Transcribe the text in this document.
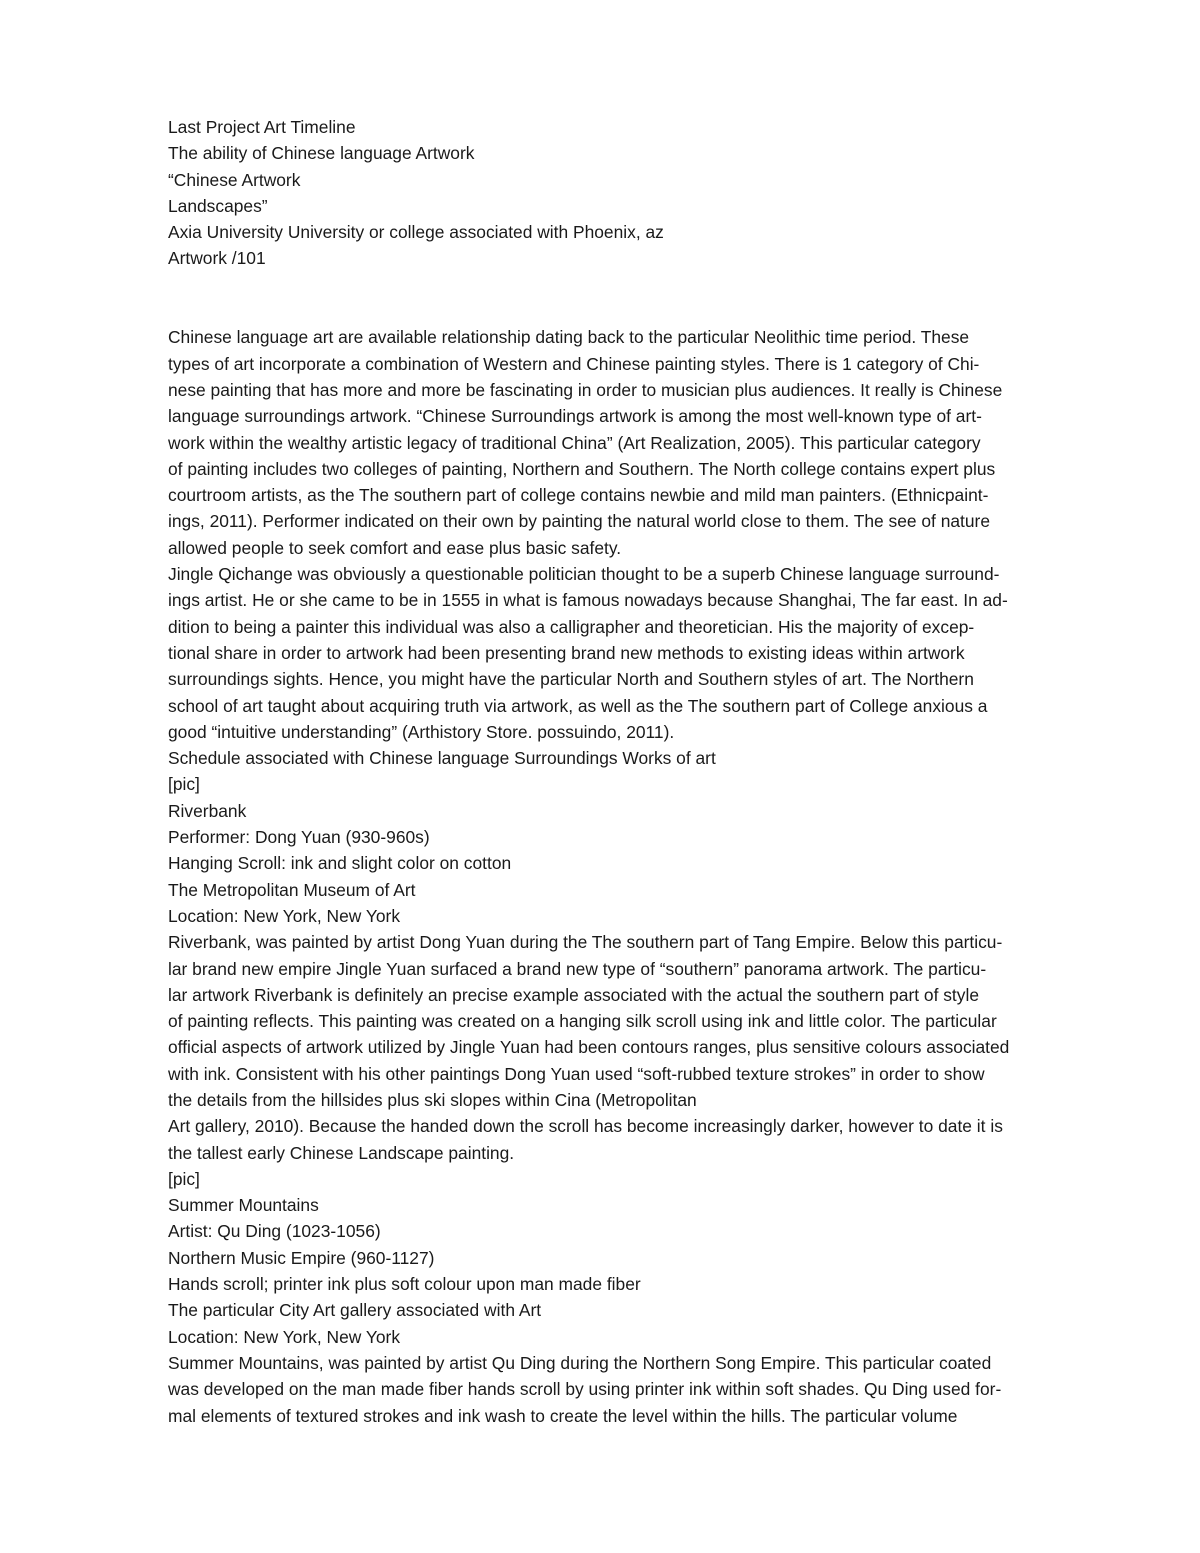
Last Project Art Timeline
The ability of Chinese language Artwork
“Chinese Artwork
Landscapes”
Axia University University or college associated with Phoenix, az
Artwork /101
Chinese language art are available relationship dating back to the particular Neolithic time period. These
types of art incorporate a combination of Western and Chinese painting styles. There is 1 category of Chi-
nese painting that has more and more be fascinating in order to musician plus audiences. It really is Chinese
language surroundings artwork. “Chinese Surroundings artwork is among the most well-known type of art-
work within the wealthy artistic legacy of traditional China” (Art Realization, 2005). This particular category
of painting includes two colleges of painting, Northern and Southern. The North college contains expert plus
courtroom artists, as the The southern part of college contains newbie and mild man painters. (Ethnicpaint-
ings, 2011). Performer indicated on their own by painting the natural world close to them. The see of nature
allowed people to seek comfort and ease plus basic safety.
Jingle Qichange was obviously a questionable politician thought to be a superb Chinese language surround-
ings artist. He or she came to be in 1555 in what is famous nowadays because Shanghai, The far east. In ad-
dition to being a painter this individual was also a calligrapher and theoretician. His the majority of excep-
tional share in order to artwork had been presenting brand new methods to existing ideas within artwork
surroundings sights. Hence, you might have the particular North and Southern styles of art. The Northern
school of art taught about acquiring truth via artwork, as well as the The southern part of College anxious a
good “intuitive understanding” (Arthistory Store. possuindo, 2011).
Schedule associated with Chinese language Surroundings Works of art
[pic]
Riverbank
Performer: Dong Yuan (930-960s)
Hanging Scroll: ink and slight color on cotton
The Metropolitan Museum of Art
Location: New York, New York
Riverbank, was painted by artist Dong Yuan during the The southern part of Tang Empire. Below this particu-
lar brand new empire Jingle Yuan surfaced a brand new type of “southern” panorama artwork. The particu-
lar artwork Riverbank is definitely an precise example associated with the actual the southern part of style
of painting reflects. This painting was created on a hanging silk scroll using ink and little color. The particular
official aspects of artwork utilized by Jingle Yuan had been contours ranges, plus sensitive colours associated
with ink. Consistent with his other paintings Dong Yuan used “soft-rubbed texture strokes” in order to show
the details from the hillsides plus ski slopes within Cina (Metropolitan
Art gallery, 2010). Because the handed down the scroll has become increasingly darker, however to date it is
the tallest early Chinese Landscape painting.
[pic]
Summer Mountains
Artist: Qu Ding (1023-1056)
Northern Music Empire (960-1127)
Hands scroll; printer ink plus soft colour upon man made fiber
The particular City Art gallery associated with Art
Location: New York, New York
Summer Mountains, was painted by artist Qu Ding during the Northern Song Empire. This particular coated
was developed on the man made fiber hands scroll by using printer ink within soft shades. Qu Ding used for-
mal elements of textured strokes and ink wash to create the level within the hills. The particular volume
